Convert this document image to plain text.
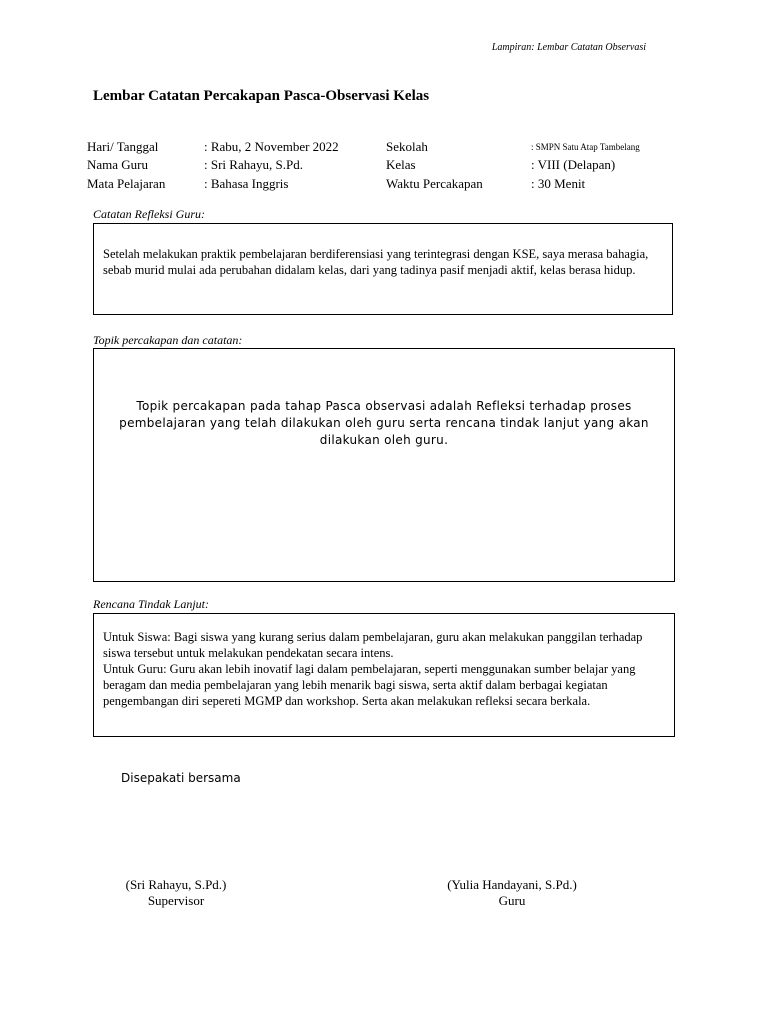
Lampiran: Lembar Catatan Observasi
Lembar Catatan Percakapan Pasca-Observasi Kelas
Hari/ Tanggal	: Rabu, 2 November 2022	Sekolah	: SMPN Satu Atap Tambelang
Nama Guru	: Sri Rahayu, S.Pd.	Kelas	: VIII (Delapan)
Mata Pelajaran	: Bahasa Inggris	Waktu Percakapan	: 30 Menit
Catatan Refleksi Guru:
Setelah melakukan praktik pembelajaran berdiferensiasi yang terintegrasi dengan KSE, saya merasa bahagia, sebab murid mulai ada perubahan didalam kelas, dari yang tadinya pasif menjadi aktif, kelas berasa hidup.
Topik percakapan dan catatan:
Topik percakapan pada tahap Pasca observasi adalah Refleksi terhadap proses pembelajaran yang telah dilakukan oleh guru serta rencana tindak lanjut yang akan dilakukan oleh guru.
Rencana Tindak Lanjut:

Untuk Siswa: Bagi siswa yang kurang serius dalam pembelajaran, guru akan melakukan panggilan terhadap siswa tersebut untuk melakukan pendekatan secara intens.

Untuk Guru: Guru akan lebih inovatif lagi dalam pembelajaran, seperti menggunakan sumber belajar yang beragam dan media pembelajaran yang lebih menarik bagi siswa, serta aktif dalam berbagai kegiatan pengembangan diri sepereti MGMP dan workshop. Serta akan melakukan refleksi secara berkala.

Disepakati bersama
(Sri Rahayu, S.Pd.)
Supervisor
(Yulia Handayani, S.Pd.)
Guru
